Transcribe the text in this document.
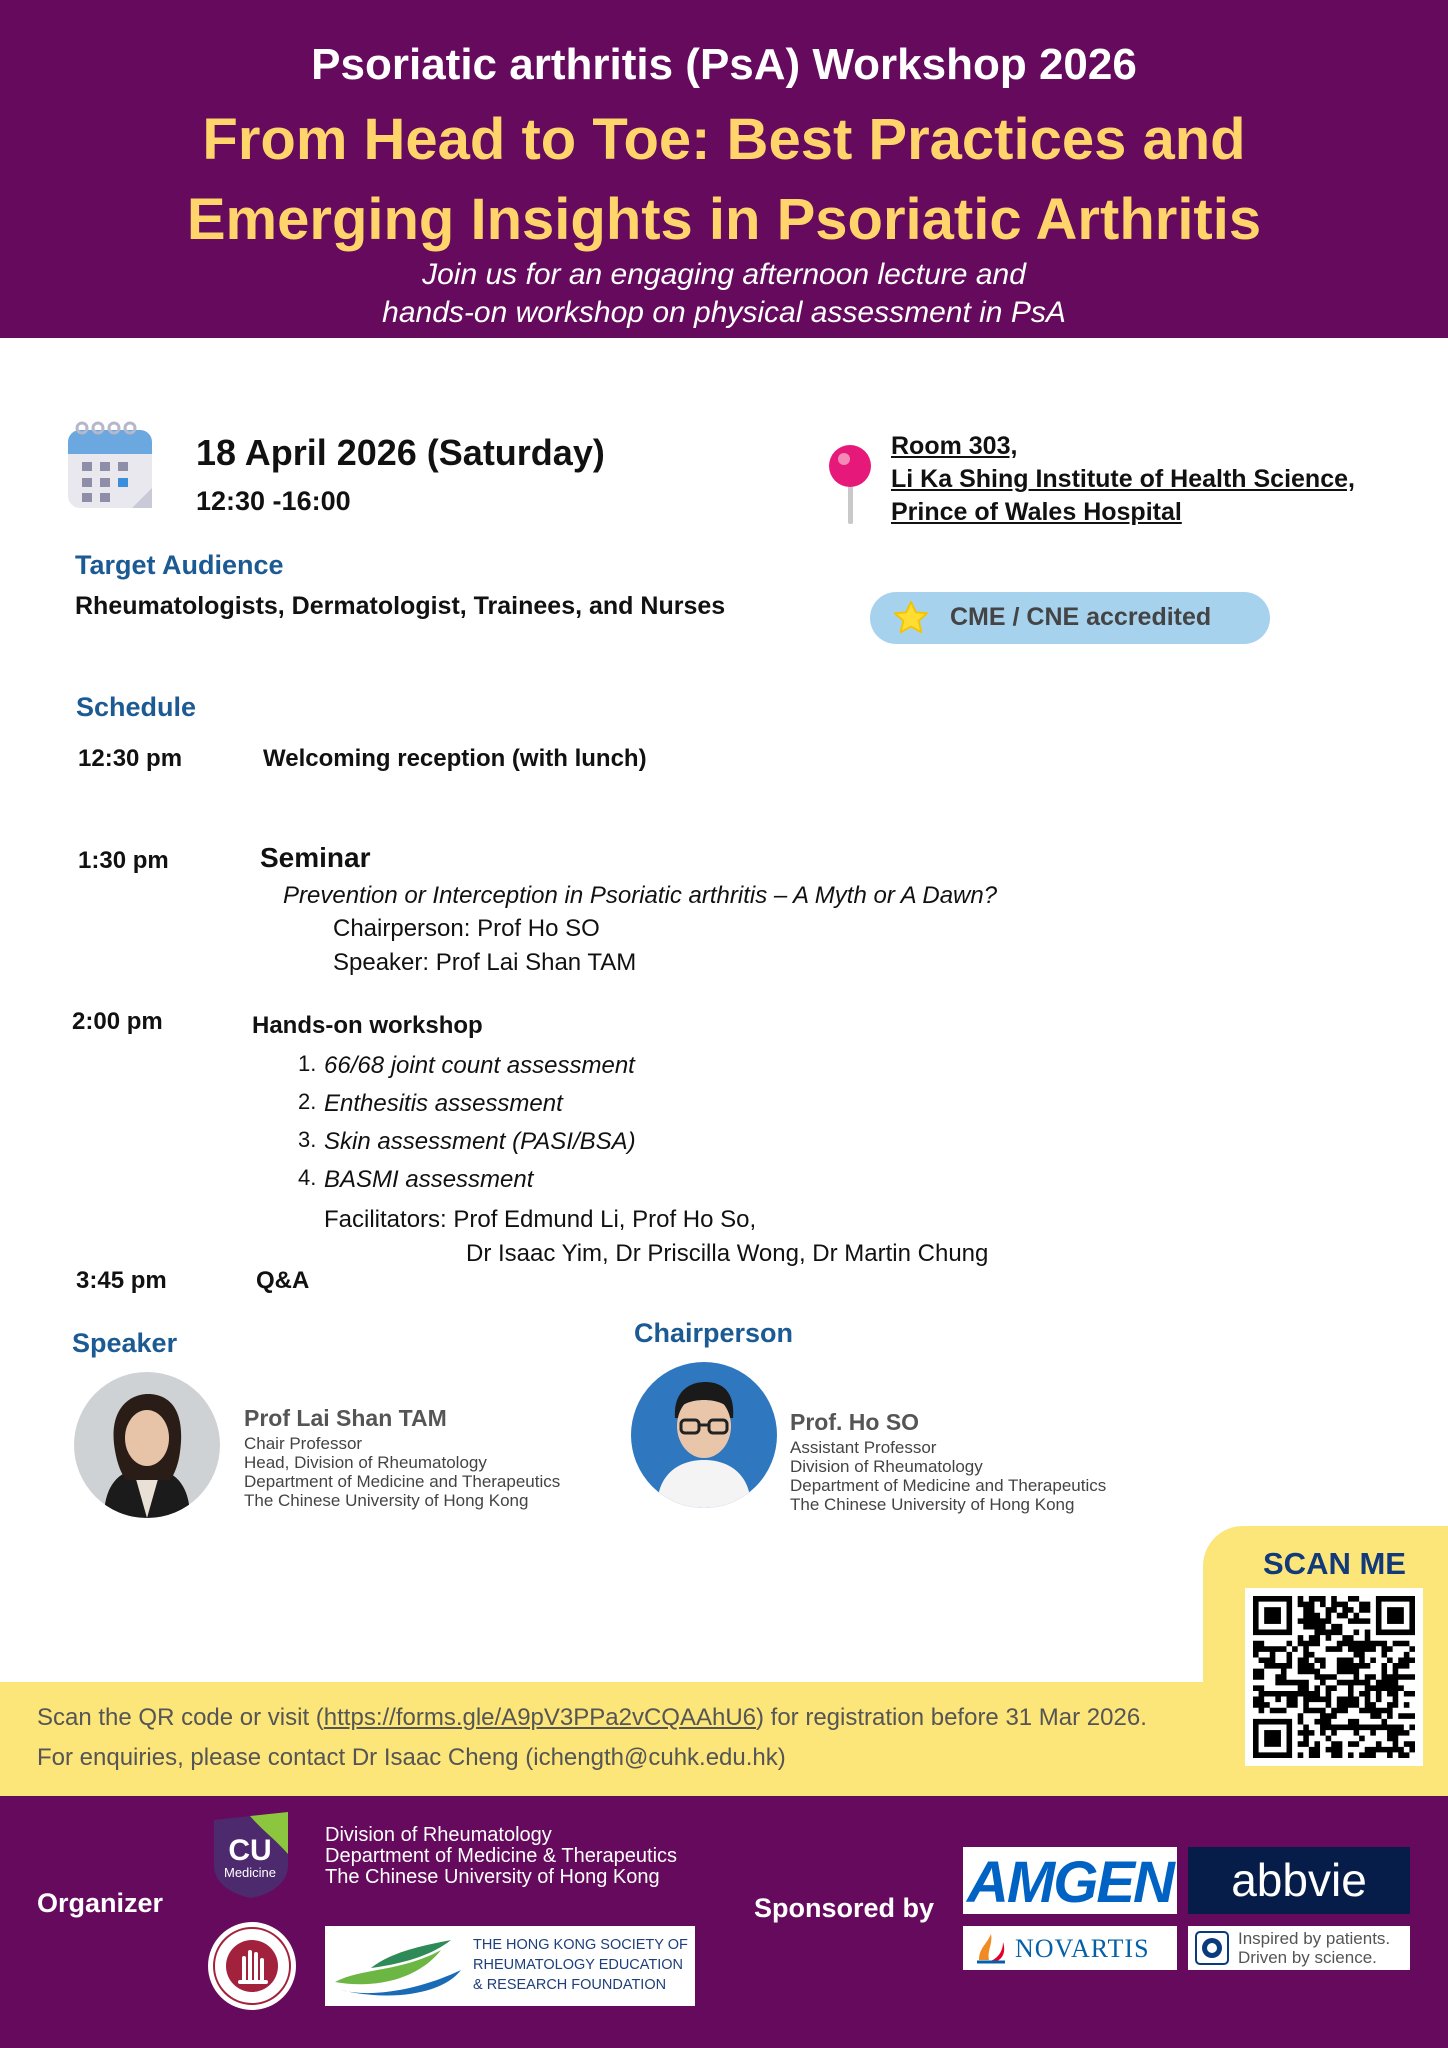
Psoriatic arthritis (PsA) Workshop 2026
From Head to Toe: Best Practices and
Emerging Insights in Psoriatic Arthritis
Join us for an engaging afternoon lecture and
hands-on workshop on physical assessment in PsA
18 April 2026 (Saturday)
12:30 -16:00
Room 303,
Li Ka Shing Institute of Health Science,
Prince of Wales Hospital
Target Audience
Rheumatologists, Dermatologist, Trainees, and Nurses	CME / CNE accredited
Schedule
12:30 pm	Welcoming reception (with lunch)
1:30 pm	Seminar
Prevention or Interception in Psoriatic arthritis – A Myth or A Dawn?
Chairperson: Prof Ho SO
Speaker: Prof Lai Shan TAM
2:00 pm	Hands-on workshop
1. 66/68 joint count assessment
2. Enthesitis assessment
3. Skin assessment (PASI/BSA)
4. BASMI assessment
Facilitators: Prof Edmund Li, Prof Ho So,
Dr Isaac Yim, Dr Priscilla Wong, Dr Martin Chung
3:45 pm	Q&A
Speaker
Prof Lai Shan TAM
Chair Professor
Head, Division of Rheumatology
Department of Medicine and Therapeutics
The Chinese University of Hong Kong
Chairperson
Prof. Ho SO
Assistant Professor
Division of Rheumatology
Department of Medicine and Therapeutics
The Chinese University of Hong Kong
SCAN ME
Scan the QR code or visit (https://forms.gle/A9pV3PPa2vCQAAhU6) for registration before 31 Mar 2026.
For enquiries, please contact Dr Isaac Cheng (ichength@cuhk.edu.hk)
Organizer
CU
Medicine
Division of Rheumatology
Department of Medicine & Therapeutics
The Chinese University of Hong Kong
THE HONG KONG SOCIETY OF
RHEUMATOLOGY EDUCATION
& RESEARCH FOUNDATION
Sponsored by AMGEN	abbvie
NOVARTIS	Inspired by patients.
Driven by science.
